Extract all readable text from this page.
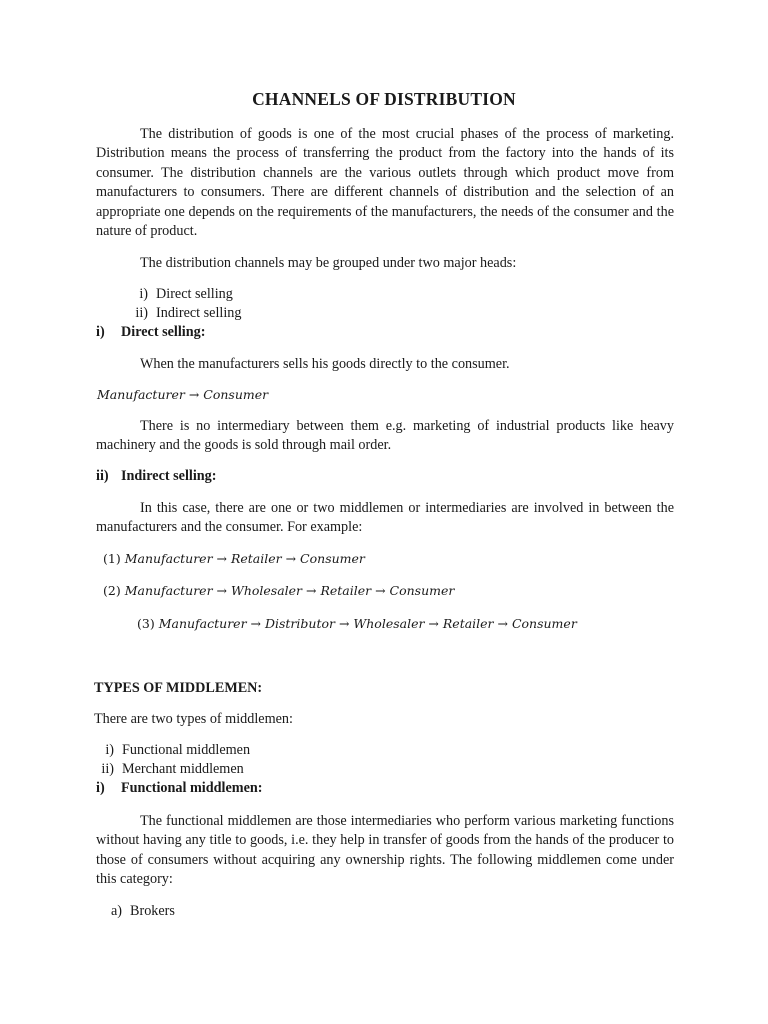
CHANNELS OF DISTRIBUTION

The distribution of goods is one of the most crucial phases of the process of marketing. Distribution means the process of transferring the product from the factory into the hands of its consumer. The distribution channels are the various outlets through which product move from manufacturers to consumers. There are different channels of distribution and the selection of an appropriate one depends on the requirements of the manufacturers, the needs of the consumer and the nature of product.

The distribution channels may be grouped under two major heads:

i) Direct selling
ii) Indirect selling
i) Direct selling:

When the manufacturers sells his goods directly to the consumer.

Manufacturer → Consumer

There is no intermediary between them e.g. marketing of industrial products like heavy machinery and the goods is sold through mail order.

ii) Indirect selling:

In this case, there are one or two middlemen or intermediaries are involved in between the manufacturers and the consumer. For example:

(1) Manufacturer → Retailer → Consumer
(2) Manufacturer → Wholesaler → Retailer → Consumer
(3) Manufacturer → Distributor → Wholesaler → Retailer → Consumer
TYPES OF MIDDLEMEN:

There are two types of middlemen:

i) Functional middlemen
ii) Merchant middlemen
i) Functional middlemen:

The functional middlemen are those intermediaries who perform various marketing functions without having any title to goods, i.e. they help in transfer of goods from the hands of the producer to those of consumers without acquiring any ownership rights. The following middlemen come under this category:

a) Brokers
